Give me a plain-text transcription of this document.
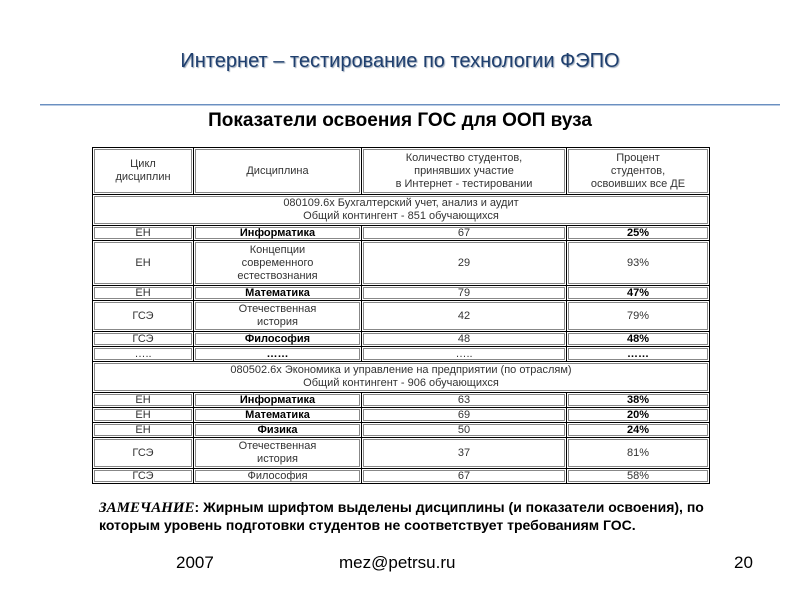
Интернет – тестирование по технологии ФЭПО
Показатели освоения ГОС для ООП вуза
Цикл
дисциплин	Дисциплина	Количество студентов,
принявших участие
в Интернет - тестировании	Процент
студентов,
освоивших все ДЕ
080109.6х Бухгалтерский учет, анализ и аудит
Общий контингент - 851 обучающихся			
ЕН	Информатика	67	25%
ЕН	Концепции
современного
естествознания	29	93%
ЕН	Математика	79	47%
ГСЭ	Отечественная
история	42	79%
ГСЭ	Философия	48	48%
…..	……	…..	……
080502.6х Экономика и управление на предприятии (по отраслям)
Общий контингент - 906 обучающихся			
ЕН	Информатика	63	38%
ЕН	Математика	69	20%
ЕН	Физика	50	24%
ГСЭ	Отечественная
история	37	81%
ГСЭ	Философия	67	58%
ЗАМЕЧАНИЕ: Жирным шрифтом выделены дисциплины (и показатели освоения), по которым уровень подготовки студентов не соответствует требованиям ГОС.
2007	mez@petrsu.ru	20
